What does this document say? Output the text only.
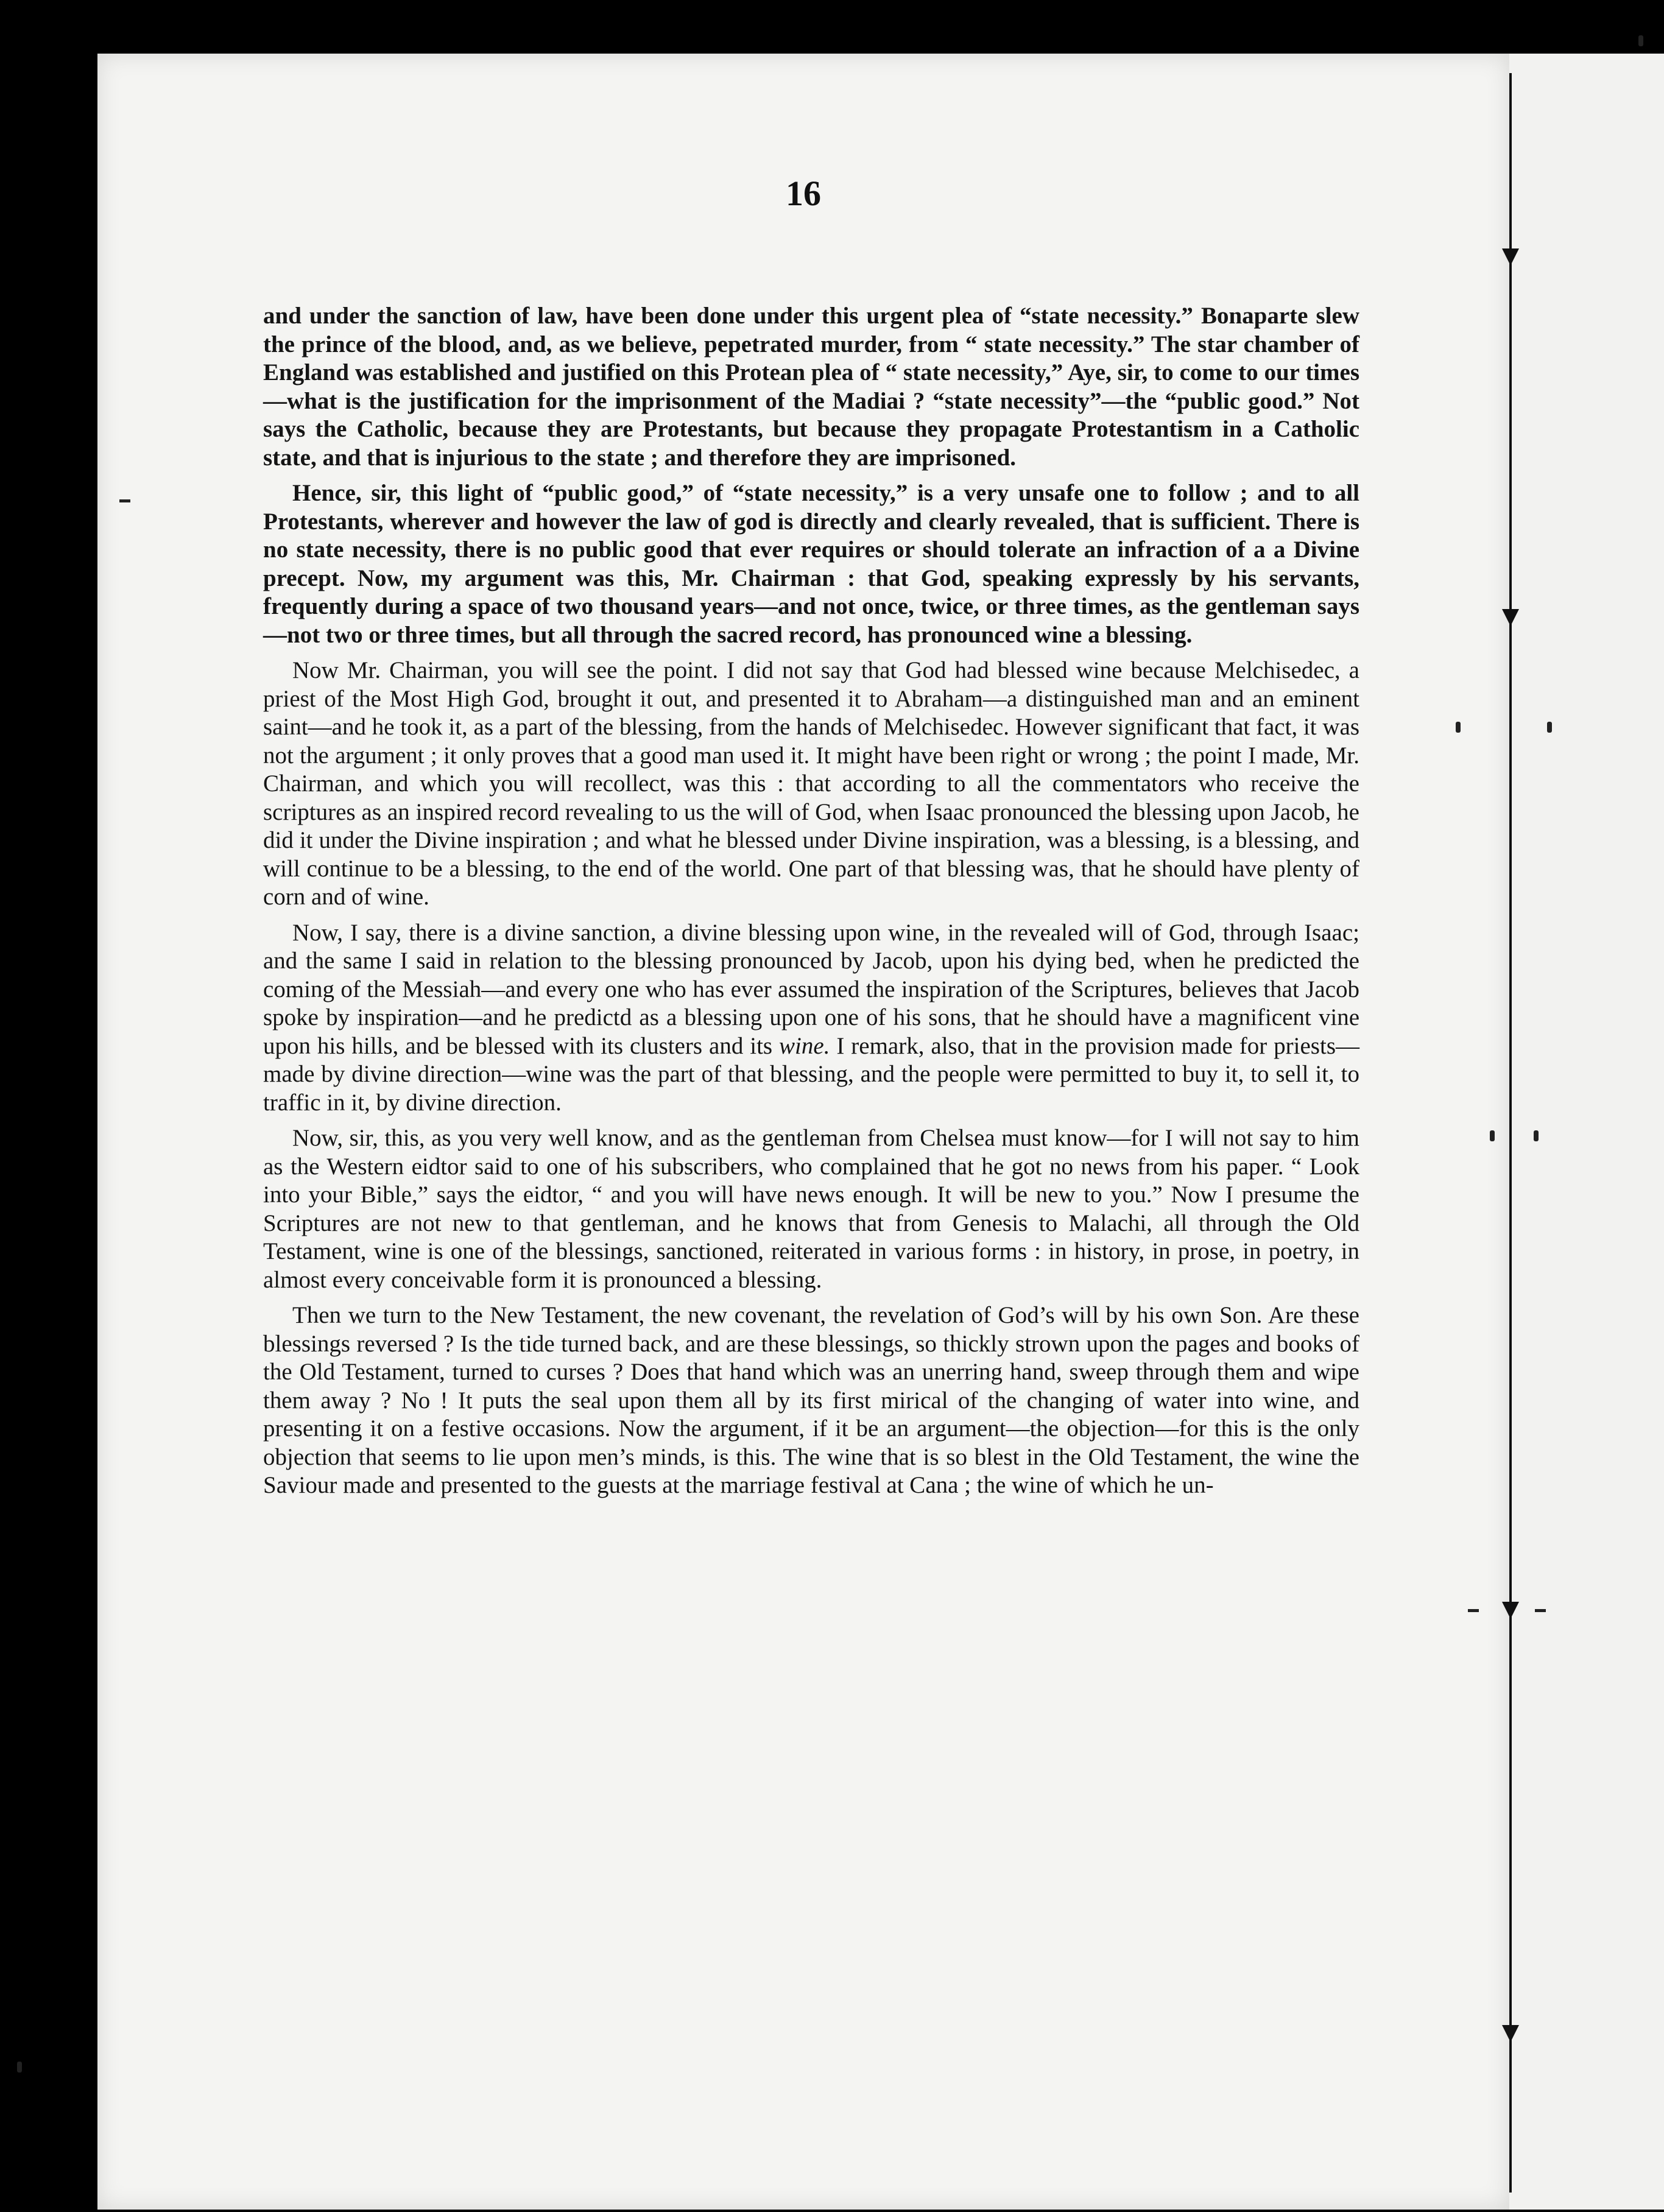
16

and under the sanction of law, have been done under this urgent plea of “state necessity.” Bonaparte slew the prince of the blood, and, as we believe, pepetrated murder, from “ state necessity.” The star chamber of England was established and justified on this Protean plea of “ state necessity,” Aye, sir, to come to our times—what is the justification for the imprisonment of the Madiai ? “state necessity”—the “public good.” Not says the Catholic, because they are Protestants, but because they propagate Protestantism in a Catholic state, and that is injurious to the state ; and therefore they are imprisoned.

Hence, sir, this light of “public good,” of “state necessity,” is a very unsafe one to follow ; and to all Protestants, wherever and however the law of god is directly and clearly revealed, that is sufficient. There is no state necessity, there is no public good that ever requires or should tolerate an infraction of a a Divine precept. Now, my argument was this, Mr. Chairman : that God, speaking expressly by his servants, frequently during a space of two thousand years—and not once, twice, or three times, as the gentleman says—not two or three times, but all through the sacred record, has pronounced wine a blessing.

Now Mr. Chairman, you will see the point. I did not say that God had blessed wine because Melchisedec, a priest of the Most High God, brought it out, and presented it to Abraham—a distinguished man and an eminent saint—and he took it, as a part of the blessing, from the hands of Melchisedec. However significant that fact, it was not the argument ; it only proves that a good man used it. It might have been right or wrong ; the point I made, Mr. Chairman, and which you will recollect, was this : that according to all the commentators who receive the scriptures as an inspired record revealing to us the will of God, when Isaac pronounced the blessing upon Jacob, he did it under the Divine inspiration ; and what he blessed under Divine inspiration, was a blessing, is a blessing, and will continue to be a blessing, to the end of the world. One part of that blessing was, that he should have plenty of corn and of wine.

Now, I say, there is a divine sanction, a divine blessing upon wine, in the revealed will of God, through Isaac; and the same I said in relation to the blessing pronounced by Jacob, upon his dying bed, when he predicted the coming of the Messiah—and every one who has ever assumed the inspiration of the Scriptures, believes that Jacob spoke by inspiration—and he predictd as a blessing upon one of his sons, that he should have a magnificent vine upon his hills, and be blessed with its clusters and its wine. I remark, also, that in the provision made for priests—made by divine direction—wine was the part of that blessing, and the people were permitted to buy it, to sell it, to traffic in it, by divine direction.

Now, sir, this, as you very well know, and as the gentleman from Chelsea must know—for I will not say to him as the Western eidtor said to one of his subscribers, who complained that he got no news from his paper. “ Look into your Bible,” says the eidtor, “ and you will have news enough. It will be new to you.” Now I presume the Scriptures are not new to that gentleman, and he knows that from Genesis to Malachi, all through the Old Testament, wine is one of the blessings, sanctioned, reiterated in various forms : in history, in prose, in poetry, in almost every conceivable form it is pronounced a blessing.

Then we turn to the New Testament, the new covenant, the revelation of God’s will by his own Son. Are these blessings reversed ? Is the tide turned back, and are these blessings, so thickly strown upon the pages and books of the Old Testament, turned to curses ? Does that hand which was an unerring hand, sweep through them and wipe them away ? No ! It puts the seal upon them all by its first mirical of the changing of water into wine, and presenting it on a festive occasions. Now the argument, if it be an argument—the objection—for this is the only objection that seems to lie upon men’s minds, is this. The wine that is so blest in the Old Testament, the wine the Saviour made and presented to the guests at the marriage festival at Cana ; the wine of which he un-
